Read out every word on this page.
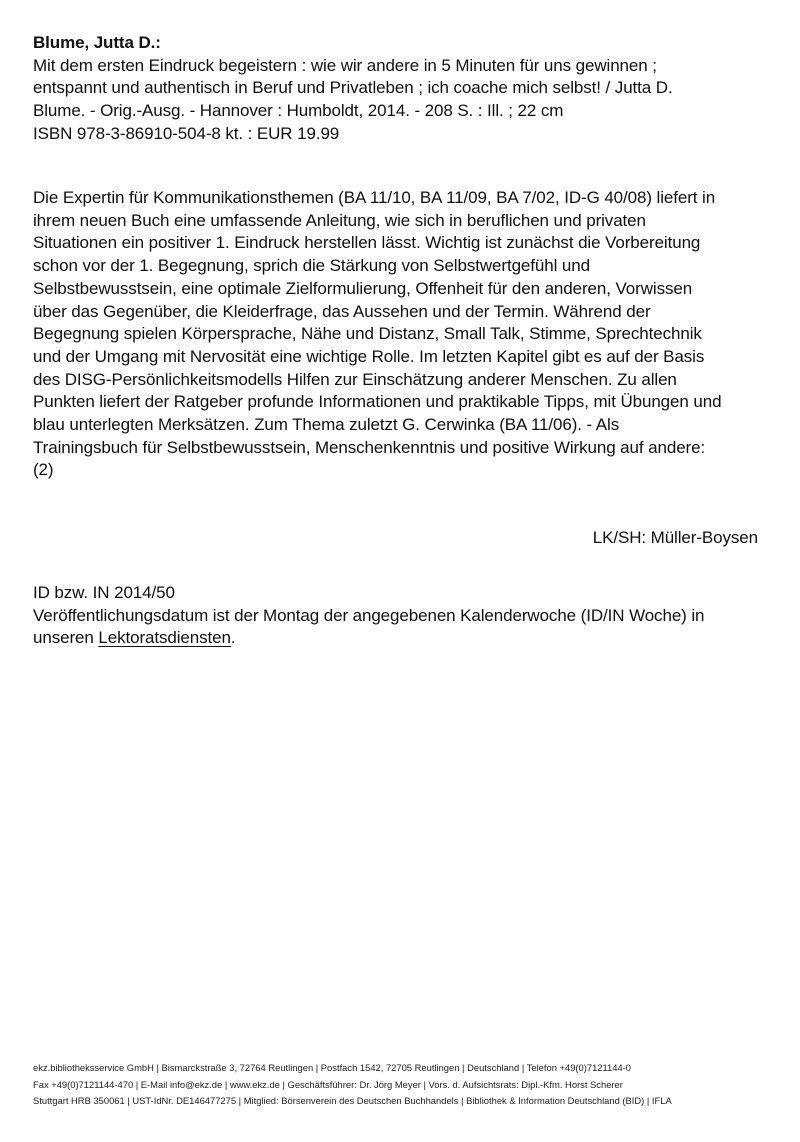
Blume, Jutta D.:
Mit dem ersten Eindruck begeistern : wie wir andere in 5 Minuten für uns gewinnen ;
entspannt und authentisch in Beruf und Privatleben ; ich coache mich selbst! / Jutta D.
Blume. - Orig.-Ausg. - Hannover : Humboldt, 2014. - 208 S. : Ill. ; 22 cm
ISBN 978-3-86910-504-8 kt. : EUR 19.99
Die Expertin für Kommunikationsthemen (BA 11/10, BA 11/09, BA 7/02, ID-G 40/08) liefert in
ihrem neuen Buch eine umfassende Anleitung, wie sich in beruflichen und privaten
Situationen ein positiver 1. Eindruck herstellen lässt. Wichtig ist zunächst die Vorbereitung
schon vor der 1. Begegnung, sprich die Stärkung von Selbstwertgefühl und
Selbstbewusstsein, eine optimale Zielformulierung, Offenheit für den anderen, Vorwissen
über das Gegenüber, die Kleiderfrage, das Aussehen und der Termin. Während der
Begegnung spielen Körpersprache, Nähe und Distanz, Small Talk, Stimme, Sprechtechnik
und der Umgang mit Nervosität eine wichtige Rolle. Im letzten Kapitel gibt es auf der Basis
des DISG-Persönlichkeitsmodells Hilfen zur Einschätzung anderer Menschen. Zu allen
Punkten liefert der Ratgeber profunde Informationen und praktikable Tipps, mit Übungen und
blau unterlegten Merksätzen. Zum Thema zuletzt G. Cerwinka (BA 11/06). - Als
Trainingsbuch für Selbstbewusstsein, Menschenkenntnis und positive Wirkung auf andere:
(2)
LK/SH: Müller-Boysen
ID bzw. IN 2014/50
Veröffentlichungsdatum ist der Montag der angegebenen Kalenderwoche (ID/IN Woche) in
unseren Lektoratsdiensten.
ekz.bibliotheksservice GmbH | Bismarckstraße 3, 72764 Reutlingen | Postfach 1542, 72705 Reutlingen | Deutschland | Telefon +49(0)7121144-0
Fax +49(0)7121144-470 | E-Mail info@ekz.de | www.ekz.de | Geschäftsführer: Dr. Jörg Meyer | Vors. d. Aufsichtsrats: Dipl.-Kfm. Horst Scherer
Stuttgart HRB 350061 | UST-IdNr. DE146477275 | Mitglied: Börsenverein des Deutschen Buchhandels | Bibliothek & Information Deutschland (BID) | IFLA
